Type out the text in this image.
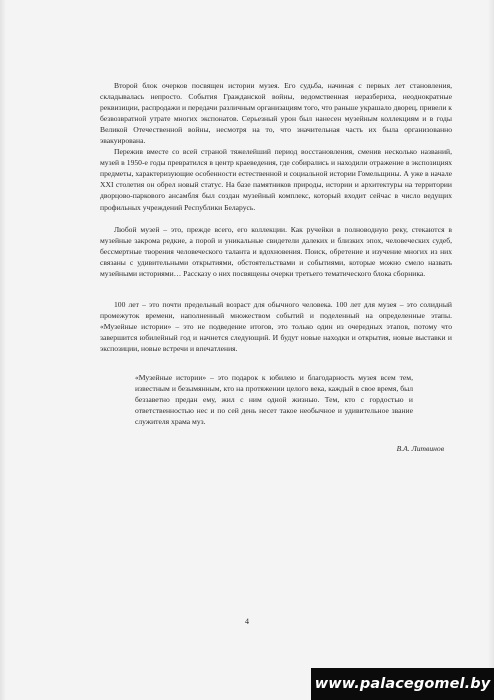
Второй блок очерков посвящен истории музея. Его судьба, начиная с первых лет становления, складывалась непросто. События Гражданской войны, ведомственная неразбериха, неоднократные реквизиции, распродажи и передачи различным организациям того, что раньше украшало дворец, привели к безвозвратной утрате многих экспонатов. Серьезный урон был нанесен музейным коллекциям и в годы Великой Отечественной войны, несмотря на то, что значительная часть их была организованно эвакуирована.

Пережив вместе со всей страной тяжелейший период восстановления, сменив несколько названий, музей в 1950-е годы превратился в центр краеведения, где собирались и находили отражение в экспозициях предметы, характеризующие особенности естественной и социальной истории Гомельщины. А уже в начале XXI столетия он обрел новый статус. На базе памятников природы, истории и архитектуры на территории дворцово-паркового ансамбля был создан музейный комплекс, который входит сейчас в число ведущих профильных учреждений Республики Беларусь.

Любой музей – это, прежде всего, его коллекции. Как ручейки в полноводную реку, стекаются в музейные закрома редкие, а порой и уникальные свидетели далеких и близких эпох, человеческих судеб, бессмертные творения человеческого таланта и вдохновения. Поиск, обретение и изучение многих из них связаны с удивительными открытиями, обстоятельствами и событиями, которые можно смело назвать музейными историями… Рассказу о них посвящены очерки третьего тематического блока сборника.

100 лет – это почти предельный возраст для обычного человека. 100 лет для музея – это солидный промежуток времени, наполненный множеством событий и поделенный на определенные этапы. «Музейные истории» – это не подведение итогов, это только один из очередных этапов, потому что завершится юбилейный год и начнется следующий. И будут новые находки и открытия, новые выставки и экспозиции, новые встречи и впечатления.

«Музейные истории» – это подарок к юбилею и благодарность музея всем тем, известным и безымянным, кто на протяжении целого века, каждый в свое время, был беззаветно предан ему, жил с ним одной жизнью. Тем, кто с гордостью и ответственностью нес и по сей день несет такое необычное и удивительное звание служителя храма муз.

В.А. Литвинов
4
www.palacegomel.by
